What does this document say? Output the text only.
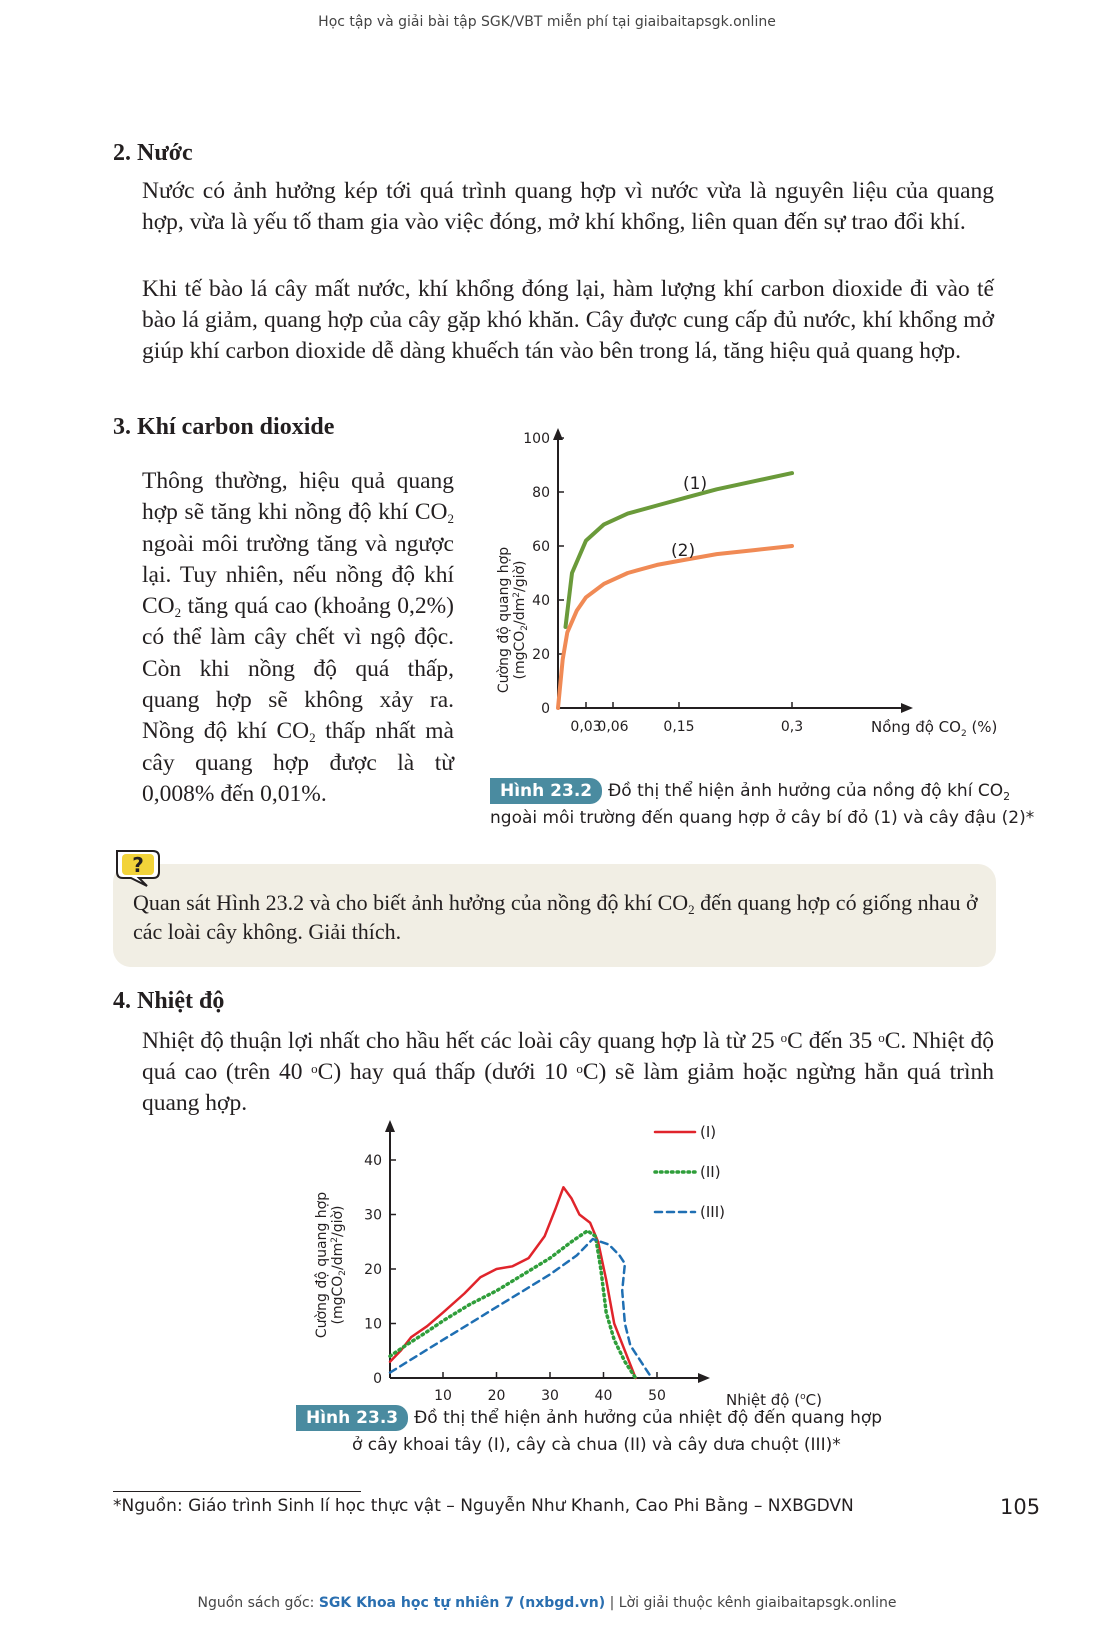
Học tập và giải bài tập SGK/VBT miễn phí tại giaibaitapsgk.online
2. Nước

Nước có ảnh hưởng kép tới quá trình quang hợp vì nước vừa là nguyên liệu của quang hợp, vừa là yếu tố tham gia vào việc đóng, mở khí khổng, liên quan đến sự trao đổi khí.

Khi tế bào lá cây mất nước, khí khổng đóng lại, hàm lượng khí carbon dioxide đi vào tế bào lá giảm, quang hợp của cây gặp khó khăn. Cây được cung cấp đủ nước, khí khổng mở giúp khí carbon dioxide dễ dàng khuếch tán vào bên trong lá, tăng hiệu quả quang hợp.

3. Khí carbon dioxide

Thông thường, hiệu quả quang hợp sẽ tăng khi nồng độ khí $CO_2$ ngoài môi trường tăng và ngược lại. Tuy nhiên, nếu nồng độ khí $CO_2$ tăng quá cao (khoảng 0,2%) có thể làm cây chết vì ngộ độc. Còn khi nồng độ quá thấp, quang hợp sẽ không xảy ra. Nồng độ khí $CO_2$ thấp nhất mà cây quang hợp được là từ 0,008% đến 0,01%.

0
20
40
60
80
100
0,03
0,06 0,15	0,3
(1)
(2)
Cường độ quang hợp $(mgCO_2/dm^2/giờ)$
Nồng độ $CO_2$ (%)
Hình 23.2 Đồ thị thể hiện ảnh hưởng của nồng độ khí $CO_2$
ngoài môi trường đến quang hợp ở cây bí đỏ (1) và cây đậu (2)*

Quan sát Hình 23.2 và cho biết ảnh hưởng của nồng độ khí $CO_2$ đến quang hợp có giống nhau ở các loài cây không. Giải thích.

?
4. Nhiệt độ

Nhiệt độ thuận lợi nhất cho hầu hết các loài cây quang hợp là từ 25 $^o$C đến 35 $^o$C. Nhiệt độ quá cao (trên 40 $^o$C) hay quá thấp (dưới 10 $^o$C) sẽ làm giảm hoặc ngừng hẳn quá trình quang hợp.

0
10
20
30
40
10	20	30	40	50
(I)
(II)
(III)
Cường độ quang hợp $(mgCO_2/dm^2/giờ)$
Nhiệt độ ($^o$C)
Hình 23.3 Đồ thị thể hiện ảnh hưởng của nhiệt độ đến quang hợp
ở cây khoai tây (I), cây cà chua (II) và cây dưa chuột (III)*
*Nguồn: Giáo trình Sinh lí học thực vật – Nguyễn Như Khanh, Cao Phi Bằng – NXBGDVN	105
Nguồn sách gốc: SGK Khoa học tự nhiên 7 (nxbgd.vn) | Lời giải thuộc kênh giaibaitapsgk.online
